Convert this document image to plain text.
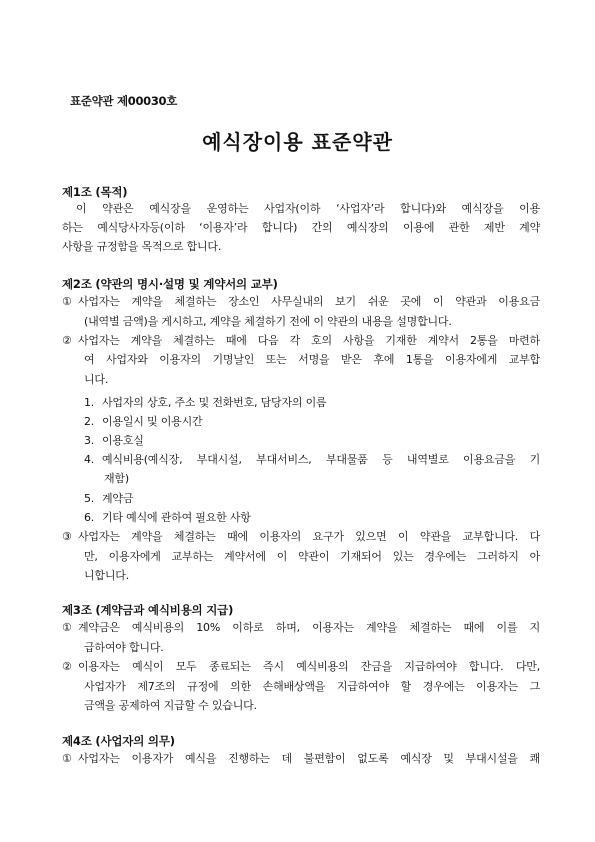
표준약관 제00030호
예식장이용 표준약관
제1조 (목적)
이 약관은 예식장을 운영하는 사업자(이하 ‘사업자’라 합니다)와 예식장을 이용
하는 예식당사자등(이하 ‘이용자’라 합니다) 간의 예식장의 이용에 관한 제반 계약
사항을 규정함을 목적으로 합니다.
제2조 (약관의 명시·설명 및 계약서의 교부)
① 사업자는 계약을 체결하는 장소인 사무실내의 보기 쉬운 곳에 이 약관과 이용요금
(내역별 금액)을 게시하고, 계약을 체결하기 전에 이 약관의 내용을 설명합니다.
② 사업자는 계약을 체결하는 때에 다음 각 호의 사항을 기재한 계약서 2통을 마련하
여 사업자와 이용자의 기명날인 또는 서명을 받은 후에 1통을 이용자에게 교부합
니다.
1. 사업자의 상호, 주소 및 전화번호, 담당자의 이름
2. 이용일시 및 이용시간
3. 이용호실
4. 예식비용(예식장, 부대시설, 부대서비스, 부대물품 등 내역별로 이용요금을 기
재함)
5. 계약금
6. 기타 예식에 관하여 필요한 사항
③ 사업자는 계약을 체결하는 때에 이용자의 요구가 있으면 이 약관을 교부합니다. 다
만, 이용자에게 교부하는 계약서에 이 약관이 기재되어 있는 경우에는 그러하지 아
니합니다.
제3조 (계약금과 예식비용의 지급)
① 계약금은 예식비용의 10% 이하로 하며, 이용자는 계약을 체결하는 때에 이를 지
급하여야 합니다.
② 이용자는 예식이 모두 종료되는 즉시 예식비용의 잔금을 지급하여야 합니다. 다만,
사업자가 제7조의 규정에 의한 손해배상액을 지급하여야 할 경우에는 이용자는 그
금액을 공제하여 지급할 수 있습니다.
제4조 (사업자의 의무)
① 사업자는 이용자가 예식을 진행하는 데 불편함이 없도록 예식장 및 부대시설을 쾌
